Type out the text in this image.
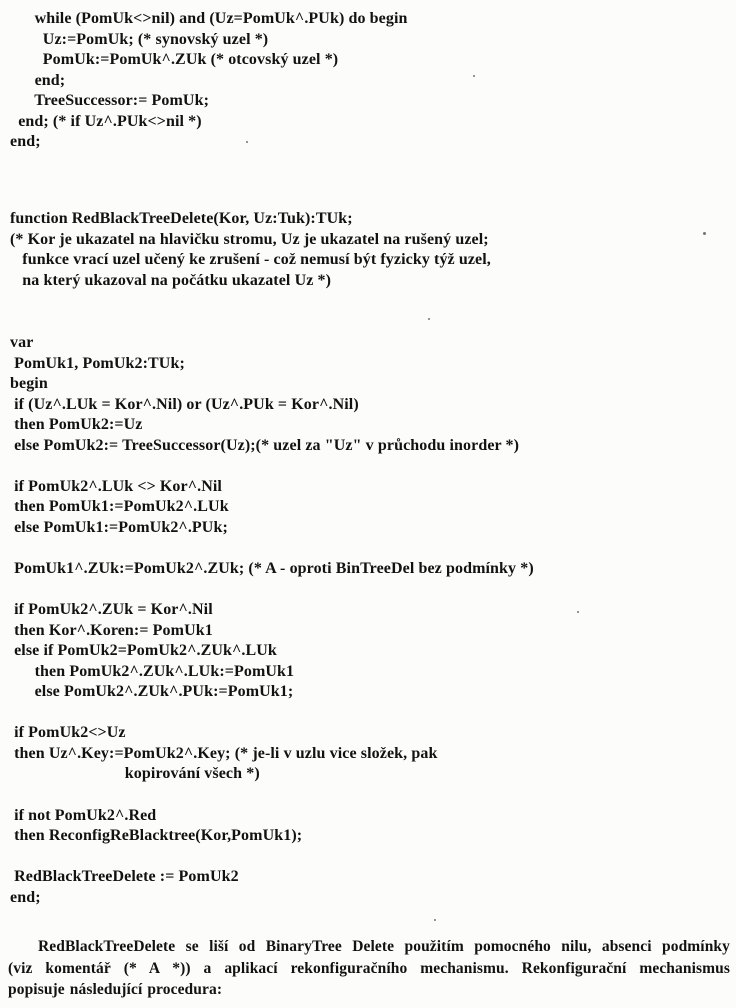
while (PomUk<>nil) and (Uz=PomUk^.PUk) do begin
Uz:=PomUk; (* synovský uzel *)
PomUk:=PomUk^.ZUk (* otcovský uzel *)
end;
TreeSuccessor:= PomUk;
end; (* if Uz^.PUk<>nil *)
end;
function RedBlackTreeDelete(Kor, Uz:Tuk):TUk;
(* Kor je ukazatel na hlavičku stromu, Uz je ukazatel na rušený uzel;
funkce vrací uzel učený ke zrušení - což nemusí být fyzicky týž uzel,
na který ukazoval na počátku ukazatel Uz *)
var
PomUk1, PomUk2:TUk;
begin
if (Uz^.LUk = Kor^.Nil) or (Uz^.PUk = Kor^.Nil)
then PomUk2:=Uz
else PomUk2:= TreeSuccessor(Uz);(* uzel za "Uz" v průchodu inorder *)
if PomUk2^.LUk <> Kor^.Nil
then PomUk1:=PomUk2^.LUk
else PomUk1:=PomUk2^.PUk;
PomUk1^.ZUk:=PomUk2^.ZUk; (* A - oproti BinTreeDel bez podmínky *)
if PomUk2^.ZUk = Kor^.Nil
then Kor^.Koren:= PomUk1
else if PomUk2=PomUk2^.ZUk^.LUk
then PomUk2^.ZUk^.LUk:=PomUk1
else PomUk2^.ZUk^.PUk:=PomUk1;
if PomUk2<>Uz
then Uz^.Key:=PomUk2^.Key; (* je-li v uzlu vice složek, pak
kopirování všech *)
if not PomUk2^.Red
then ReconfigReBlacktree(Kor,PomUk1);
RedBlackTreeDelete := PomUk2
end;
RedBlackTreeDelete se liší od BinaryTree Delete použitím pomocného nilu, absenci podmínky
(viz komentář (* A *)) a aplikací rekonfiguračního mechanismu. Rekonfigurační mechanismus
popisuje následující procedura:
